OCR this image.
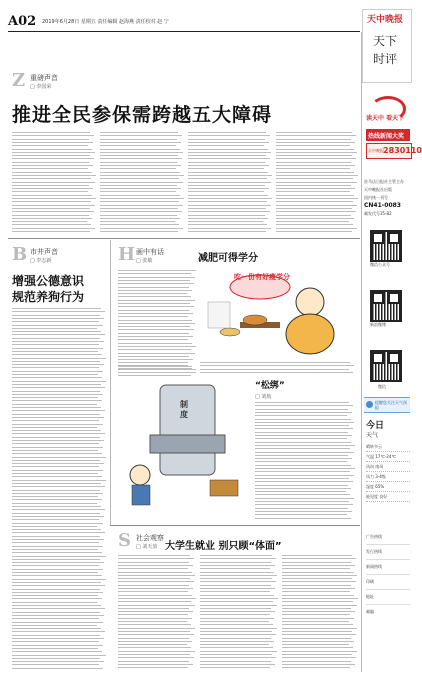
A02 2019年6月28日 星期五 责任编辑 赵海燕 责任校对 赵 宁	天中晚报
天下
时评
Z 重磅声音
□ 李国荣
推进全民参保需跨越五大障碍	读天中 看天下
热线新闻大奖
天中晚报 2830110
驻马店日报社主管主办
天中晚报社出版
国内统一刊号
CN41-0083
邮发代号35-82
微信公众号
新浪微博
微信
提醒您关注天气预报
今日
天气
晴转多云
气温 17℃-24℃
风向 南风
风力 3-4级
湿度 65%
能见度 良好
广告热线
发行热线
新闻热线
印刷
地址
邮编
B 市井声音
□ 李志新
增强公德意识
规范养狗行为
H 画中有话
□ 张敏	减肥可得学分
吃一份有好瘦学分
“松绑”
□ 刘航
制度
S 社会观察
□ 刘天放 大学生就业 别只顾“体面”
